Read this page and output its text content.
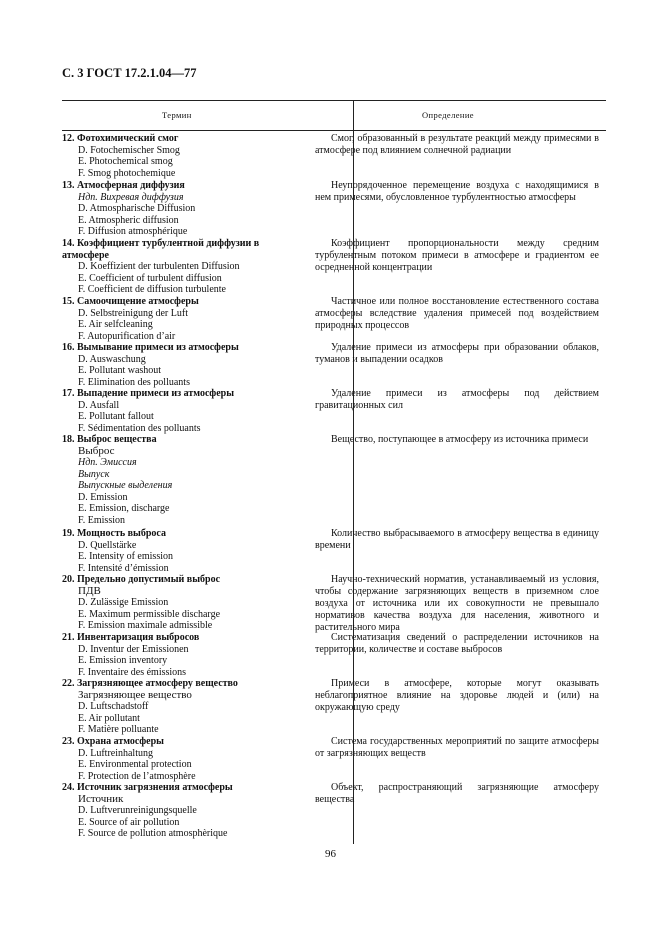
С. 3 ГОСТ 17.2.1.04—77
Термин	Определение
12. Фотохимический смог
D. Fotochemischer Smog
E. Photochemical smog
F. Smog photochemique
Смог, образованный в результате реакций между примесями в атмосфере под влиянием солнечной радиации
13. Атмосферная диффузия
Ндп. Вихревая диффузия
D. Atmospharische Diffusion
E. Atmospheric diffusion
F. Diffusion atmosphérique
Неупорядоченное перемещение воздуха с находящимися в нем примесями, обусловленное турбулентностью атмосферы
14. Коэффициент турбулентной диффузии в атмосфере
D. Koeffizient der turbulenten Diffusion
E. Coefficient of turbulent diffusion
F. Coefficient de diffusion turbulente
Коэффициент пропорциональности между средним турбулентным потоком примеси в атмосфере и градиентом ее осредненной концентрации
15. Самоочищение атмосферы
D. Selbstreinigung der Luft
E. Air selfcleaning
F. Autopurification d’air
Частичное или полное восстановление естественного состава атмосферы вследствие удаления примесей под воздействием природных процессов
16. Вымывание примеси из атмосферы
D. Auswaschung
E. Pollutant washout
F. Elimination des polluants
Удаление примеси из атмосферы при образовании облаков, туманов и выпадении осадков
17. Выпадение примеси из атмосферы
D. Ausfall
E. Pollutant fallout
F. Sédimentation des polluants
Удаление примеси из атмосферы под действием гравитационных сил
18. Выброс вещества
Выброс
Ндп. Эмиссия
Выпуск
Выпускные выделения
D. Emission
E. Emission, discharge
F. Emission
Вещество, поступающее в атмосферу из источника примеси
19. Мощность выброса
D. Quellstärke
E. Intensity of emission
F. Intensité d’émission
Количество выбрасываемого в атмосферу вещества в единицу времени
20. Предельно допустимый выброс
ПДВ
D. Zulässige Emission
E. Maximum permissible discharge
F. Emission maximale admissible
Научно-технический норматив, устанавливаемый из условия, чтобы содержание загрязняющих веществ в приземном слое воздуха от источника или их совокупности не превышало нормативов качества воздуха для населения, животного и растительного мира
21. Инвентаризация выбросов
D. Inventur der Emissionen
E. Emission inventory
F. Inventaire des émissions
Систематизация сведений о распределении источников на территории, количестве и составе выбросов
22. Загрязняющее атмосферу вещество
Загрязняющее вещество
D. Luftschadstoff
E. Air pollutant
F. Matière polluante
Примеси в атмосфере, которые могут оказывать неблагоприятное влияние на здоровье людей и (или) на окружающую среду
23. Охрана атмосферы
D. Luftreinhaltung
E. Environmental protection
F. Protection de l’atmosphère
Система государственных мероприятий по защите атмосферы от загрязняющих веществ
24. Источник загрязнения атмосферы
Источник
D. Luftverunreinigungsquelle
E. Source of air pollution
F. Source de pollution atmosphèrique
Объект, распространяющий загрязняющие атмосферу вещества
96
